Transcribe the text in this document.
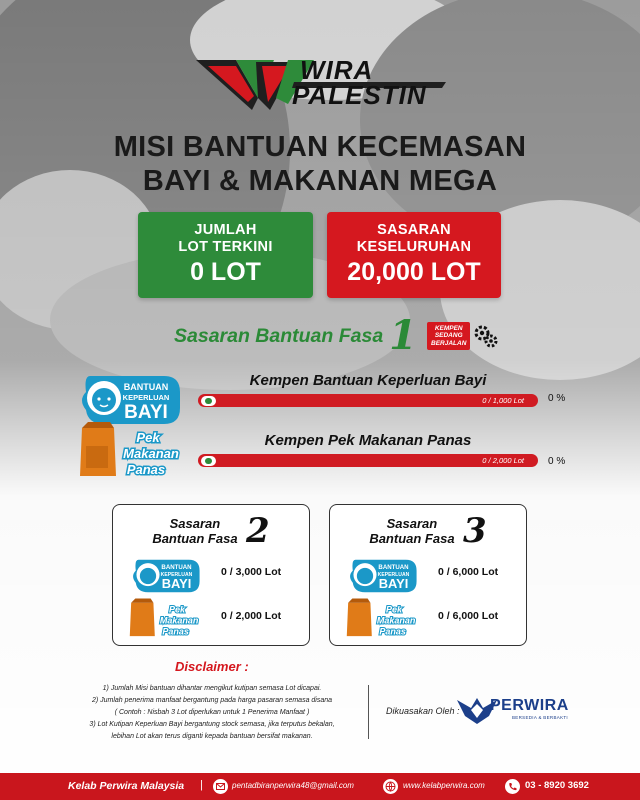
WIRA
PALESTIN
MISI BANTUAN KECEMASAN
BAYI & MAKANAN MEGA
JUMLAH
LOT TERKINI
0 LOT
SASARAN
KESELURUHAN
20,000 LOT
Sasaran Bantuan Fasa 1	KEMPEN
SEDANG
BERJALAN
BANTUAN
KEPERLUAN
BAYI
Pek
Makanan
Panas
Kempen Bantuan Keperluan Bayi
0 / 1,000 Lot 0 %
Kempen Pek Makanan Panas
0 / 2,000 Lot 0 %
Sasaran
Bantuan Fasa 2
BANTUAN
KEPERLUAN
BAYI
0 / 3,000 Lot
Pek
Makanan
Panas
0 / 2,000 Lot
Sasaran
Bantuan Fasa 3
BANTUAN
KEPERLUAN
BAYI
0 / 6,000 Lot
Pek
Makanan
Panas
0 / 6,000 Lot
Disclaimer :

1) Jumlah Misi bantuan dihantar mengikut kutipan semasa Lot dicapai.

2) Jumlah penerima manfaat bergantung pada harga pasaran semasa disana

( Contoh : Nisbah 3 Lot diperlukan untuk 1 Penerima Manfaat )

3) Lot Kutipan Keperluan Bayi bergantung stock semasa, jika terputus bekalan,

lebihan Lot akan terus diganti kepada bantuan bersifat makanan.

Dikuasakan Oleh : PERWIRA
BERSEDIA & BERBAKTI
Kelab Perwira Malaysia |	pentadbiranperwira48@gmail.com	www.kelabperwira.com	03 - 8920 3692
